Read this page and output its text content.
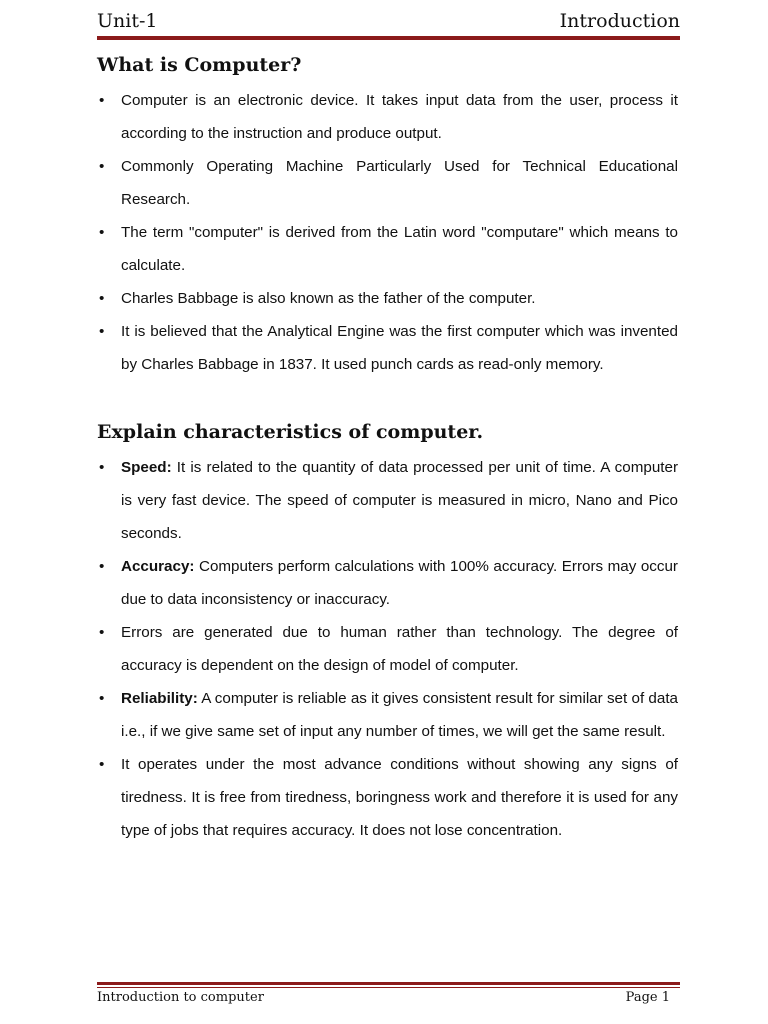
Unit-1	Introduction
What is Computer?
• Computer is an electronic device. It takes input data from the user, process it according to the instruction and produce output.
• Commonly Operating Machine Particularly Used for Technical Educational Research.
• The term "computer" is derived from the Latin word "computare" which means to calculate.
• Charles Babbage is also known as the father of the computer.
• It is believed that the Analytical Engine was the first computer which was invented by Charles Babbage in 1837. It used punch cards as read-only memory.
Explain characteristics of computer.
• Speed: It is related to the quantity of data processed per unit of time. A computer is very fast device. The speed of computer is measured in micro, Nano and Pico seconds.
• Accuracy: Computers perform calculations with 100% accuracy. Errors may occur due to data inconsistency or inaccuracy.
• Errors are generated due to human rather than technology. The degree of accuracy is dependent on the design of model of computer.
• Reliability: A computer is reliable as it gives consistent result for similar set of data i.e., if we give same set of input any number of times, we will get the same result.
• It operates under the most advance conditions without showing any signs of tiredness. It is free from tiredness, boringness work and therefore it is used for any type of jobs that requires accuracy. It does not lose concentration.
Introduction to computer	Page 1
